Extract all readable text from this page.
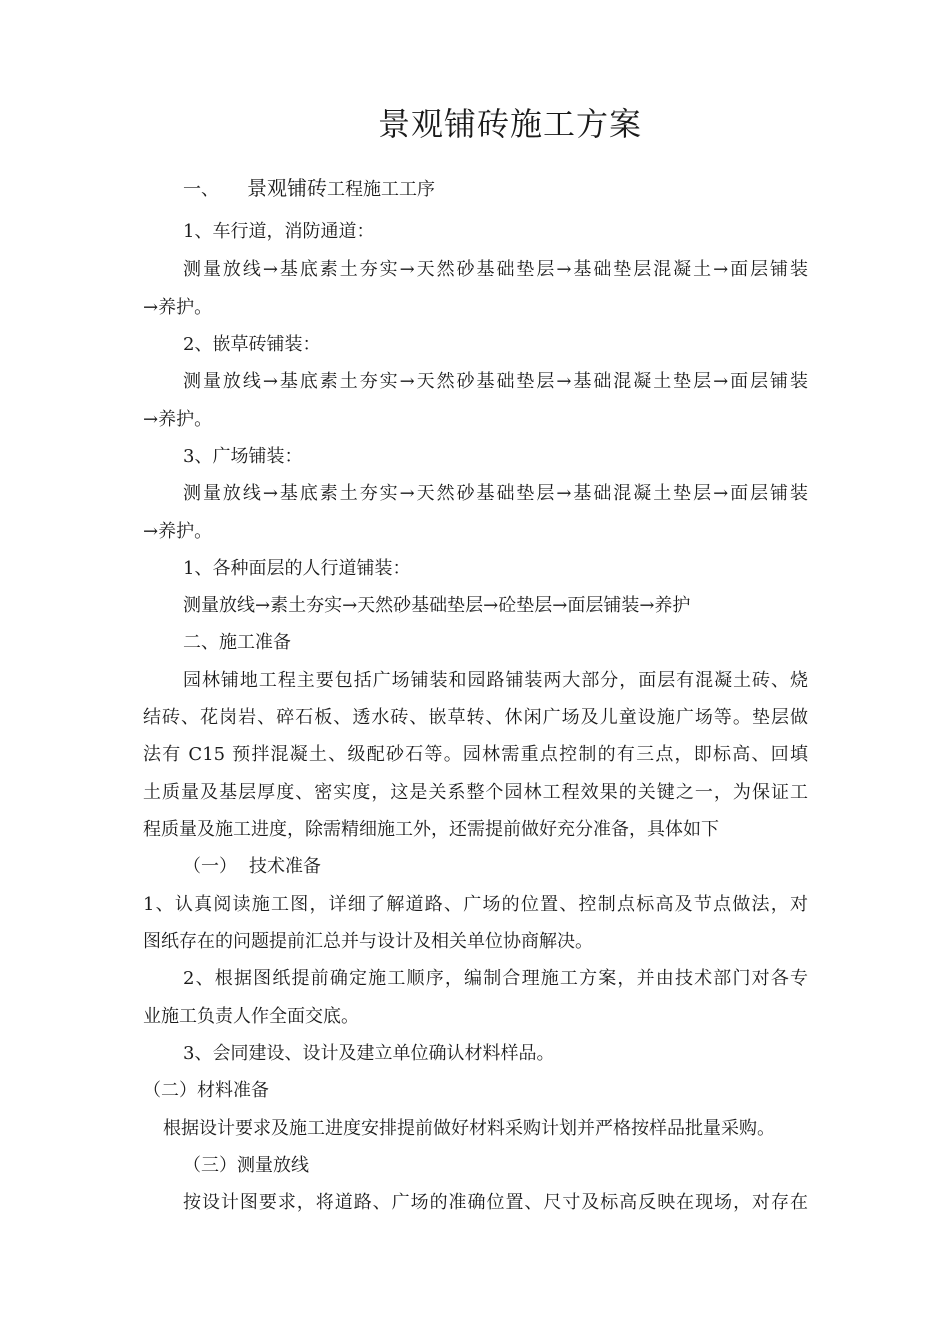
景观铺砖施工方案
一、 景观铺砖工程施工工序
1、车行道，消防通道：
测量放线→基底素土夯实→天然砂基础垫层→基础垫层混凝土→面层铺装
→养护。
2、嵌草砖铺装：
测量放线→基底素土夯实→天然砂基础垫层→基础混凝土垫层→面层铺装
→养护。
3、广场铺装：
测量放线→基底素土夯实→天然砂基础垫层→基础混凝土垫层→面层铺装
→养护。
1、各种面层的人行道铺装：
测量放线→素土夯实→天然砂基础垫层→砼垫层→面层铺装→养护
二、施工准备
园林铺地工程主要包括广场铺装和园路铺装两大部分，面层有混凝土砖、烧
结砖、花岗岩、碎石板、透水砖、嵌草转、休闲广场及儿童设施广场等。垫层做
法有 C15 预拌混凝土、级配砂石等。园林需重点控制的有三点，即标高、回填
土质量及基层厚度、密实度，这是关系整个园林工程效果的关键之一，为保证工
程质量及施工进度，除需精细施工外，还需提前做好充分准备，具体如下
（一） 技术准备
1、认真阅读施工图，详细了解道路、广场的位置、控制点标高及节点做法，对
图纸存在的问题提前汇总并与设计及相关单位协商解决。
2、根据图纸提前确定施工顺序，编制合理施工方案，并由技术部门对各专
业施工负责人作全面交底。
3、会同建设、设计及建立单位确认材料样品。
（二）材料准备
根据设计要求及施工进度安排提前做好材料采购计划并严格按样品批量采购。
（三）测量放线
按设计图要求，将道路、广场的准确位置、尺寸及标高反映在现场，对存在
